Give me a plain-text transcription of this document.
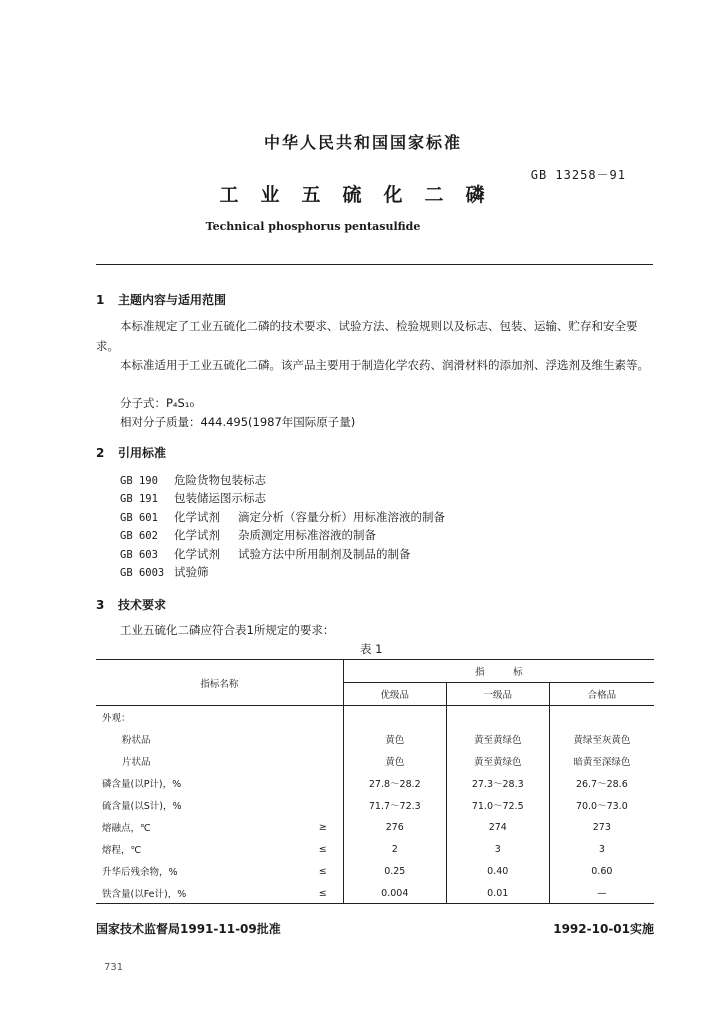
中华人民共和国国家标准
GB 13258－91
工业五硫化二磷
Technical phosphorus pentasulfide
1 主题内容与适用范围
本标准规定了工业五硫化二磷的技术要求、试验方法、检验规则以及标志、包装、运输、贮存和安全要求。
本标准适用于工业五硫化二磷。该产品主要用于制造化学农药、润滑材料的添加剂、浮选剂及维生素等。
分子式：P₄S₁₀
相对分子质量：444.495(1987年国际原子量)
2 引用标准
GB 190 危险货物包装标志
GB 191 包装储运图示标志
GB 601 化学试剂 滴定分析（容量分析）用标准溶液的制备
GB 602 化学试剂 杂质测定用标准溶液的制备
GB 603 化学试剂 试验方法中所用制剂及制品的制备
GB 6003 试验筛
3 技术要求
工业五硫化二磷应符合表1所规定的要求：
表 1
指标名称		指　　　标		
		优级品	一级品	合格品
外观：				
粉状品		黄色	黄至黄绿色	黄绿至灰黄色
片状品		黄色	黄至黄绿色	暗黄至深绿色
磷含量(以P计)，%		27.8～28.2	27.3～28.3	26.7～28.6
硫含量(以S计)，%		71.7～72.3	71.0～72.5	70.0～73.0
熔融点，℃	≥	276	274	273
熔程，℃	≤	2	3	3
升华后残余物，%	≤	0.25	0.40	0.60
铁含量(以Fe计)，%	≤	0.004	0.01	—
国家技术监督局1991-11-09批准	1992-10-01实施
731
